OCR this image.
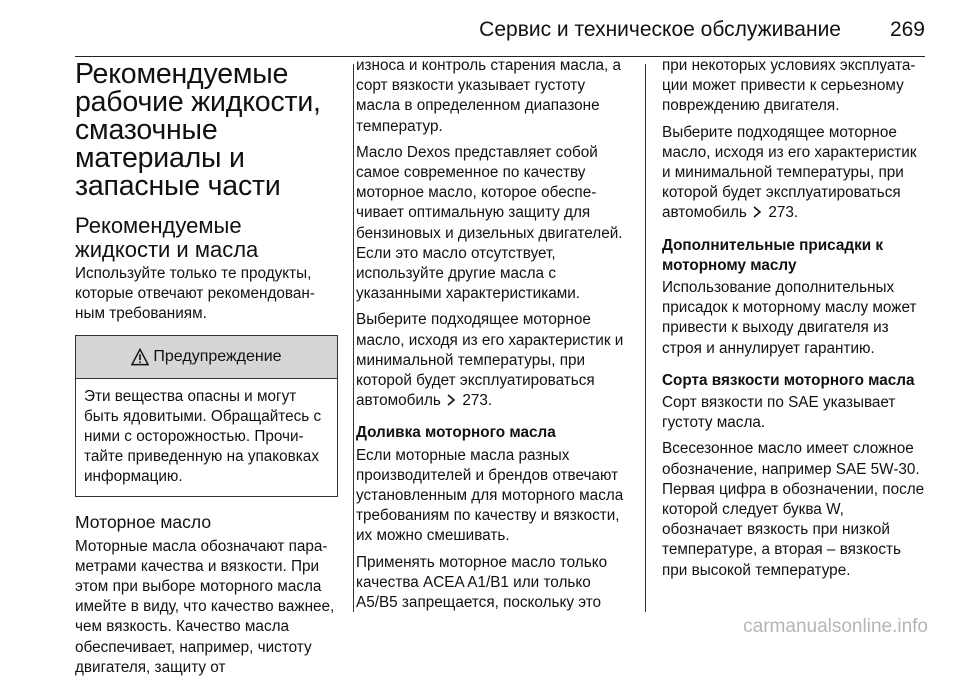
Сервис и техническое обслуживание 269
Рекомендуемые рабочие жидкости, смазочные материалы и запасные части
Рекомендуемые жидкости и масла

Используйте только те продукты, которые отвечают рекомендованным требованиям.

Предупреждение

Эти вещества опасны и могут быть ядовитыми. Обращайтесь с ними с осторожностью. Прочитайте приведенную на упаковках информацию.

Моторное масло

Моторные масла обозначают параметрами качества и вязкости. При этом при выборе моторного масла имейте в виду, что качество важнее, чем вязкость. Качество масла обеспечивает, например, чистоту двигателя, защиту от

износа и контроль старения масла, а сорт вязкости указывает густоту масла в определенном диапазоне температур.

Масло Dexos представляет собой самое современное по качеству моторное масло, которое обеспечивает оптимальную защиту для бензиновых и дизельных двигателей. Если это масло отсутствует, используйте другие масла с указанными характеристиками.

Выберите подходящее моторное масло, исходя из его характеристик и минимальной температуры, при которой будет эксплуатироваться автомобиль 273.

Доливка моторного масла

Если моторные масла разных производителей и брендов отвечают установленным для моторного масла требованиям по качеству и вязкости, их можно смешивать.

Применять моторное масло только качества ACEA A1/B1 или только A5/B5 запрещается, поскольку это

при некоторых условиях эксплуатации может привести к серьезному повреждению двигателя.

Выберите подходящее моторное масло, исходя из его характеристик и минимальной температуры, при которой будет эксплуатироваться автомобиль 273.

Дополнительные присадки к моторному маслу

Использование дополнительных присадок к моторному маслу может привести к выходу двигателя из строя и аннулирует гарантию.

Сорта вязкости моторного масла

Сорт вязкости по SAE указывает густоту масла.

Всесезонное масло имеет сложное обозначение, например SAE 5W-30. Первая цифра в обозначении, после которой следует буква W, обозначает вязкость при низкой температуре, а вторая – вязкость при высокой температуре.

carmanualsonline.info
